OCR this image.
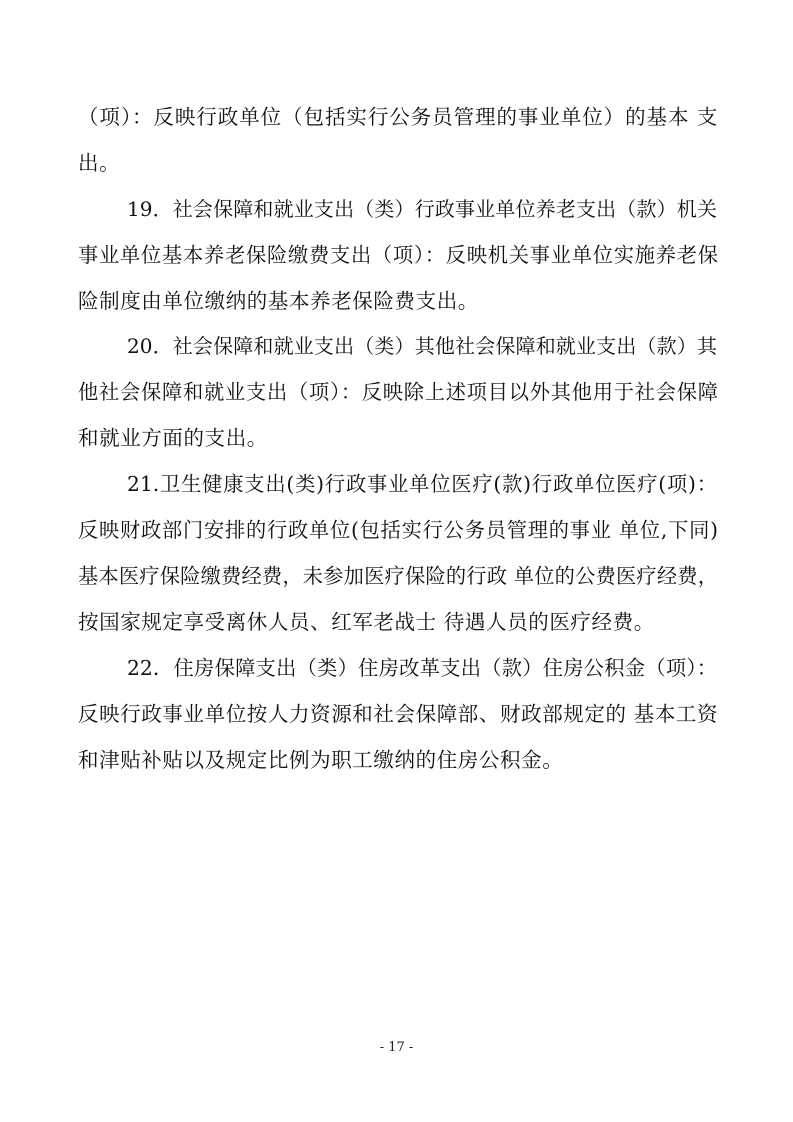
（项）：反映行政单位（包括实行公务员管理的事业单位）的基本 支
出。
19．社会保障和就业支出（类）行政事业单位养老支出（款）机关
事业单位基本养老保险缴费支出（项）：反映机关事业单位实施养老保
险制度由单位缴纳的基本养老保险费支出。
20．社会保障和就业支出（类）其他社会保障和就业支出（款）其
他社会保障和就业支出（项）：反映除上述项目以外其他用于社会保障
和就业方面的支出。
21.卫生健康支出(类)行政事业单位医疗(款)行政单位医疗(项)：
反映财政部门安排的行政单位(包括实行公务员管理的事业 单位,下同)
基本医疗保险缴费经费，未参加医疗保险的行政 单位的公费医疗经费，
按国家规定享受离休人员、红军老战士 待遇人员的医疗经费。
22．住房保障支出（类）住房改革支出（款）住房公积金（项）：
反映行政事业单位按人力资源和社会保障部、财政部规定的 基本工资
和津贴补贴以及规定比例为职工缴纳的住房公积金。
- 17 -
